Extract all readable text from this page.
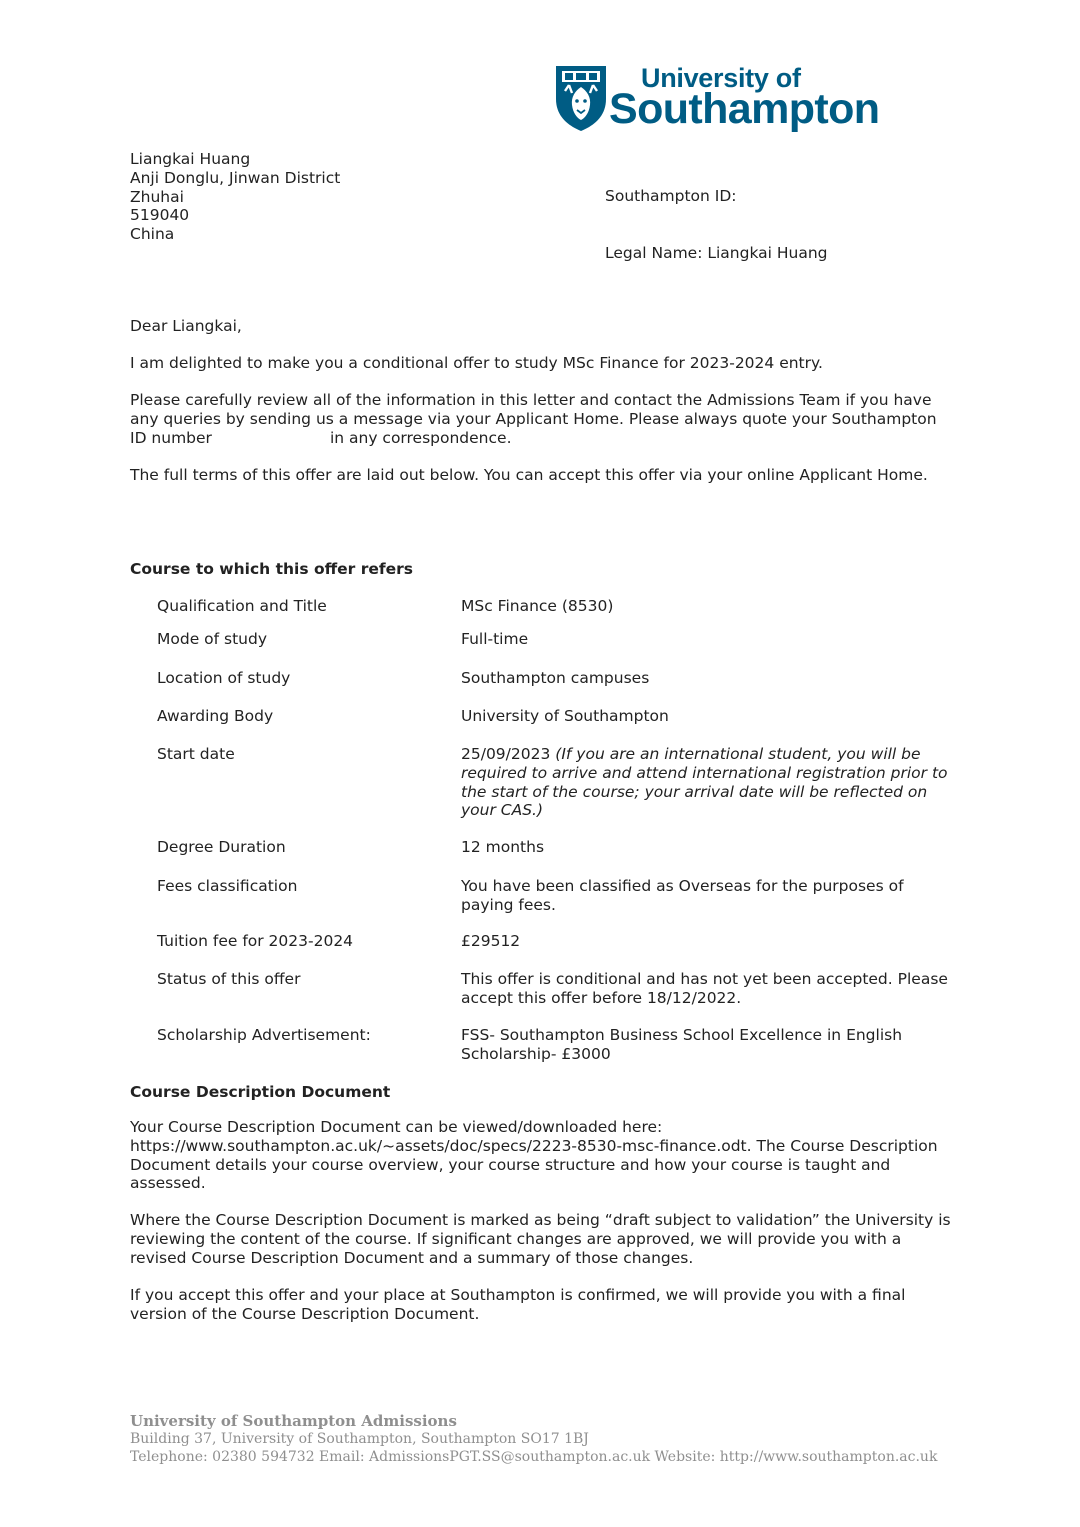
University of
Southampton
Liangkai Huang
Anji Donglu, Jinwan District
Zhuhai
519040
China
Southampton ID:
Legal Name: Liangkai Huang

Dear Liangkai,

I am delighted to make you a conditional offer to study MSc Finance for 2023-2024 entry.

Please carefully review all of the information in this letter and contact the Admissions Team if you have any queries by sending us a message via your Applicant Home. Please always quote your Southampton ID number	in any correspondence.

The full terms of this offer are laid out below. You can accept this offer via your online Applicant Home.

Course to which this offer refers
Qualification and Title	MSc Finance (8530)
Mode of study	Full-time
Location of study	Southampton campuses
Awarding Body	University of Southampton
Start date	25/09/2023 (If you are an international student, you will be required to arrive and attend international registration prior to the start of the course; your arrival date will be reflected on your CAS.)
Degree Duration	12 months
Fees classification	You have been classified as Overseas for the purposes of paying fees.
Tuition fee for 2023-2024	£29512
Status of this offer	This offer is conditional and has not yet been accepted. Please accept this offer before 18/12/2022.
Scholarship Advertisement:	FSS- Southampton Business School Excellence in English Scholarship- £3000
Course Description Document

Your Course Description Document can be viewed/downloaded here: https://www.southampton.ac.uk/~assets/doc/specs/2223-8530-msc-finance.odt. The Course Description Document details your course overview, your course structure and how your course is taught and assessed.

Where the Course Description Document is marked as being “draft subject to validation” the University is reviewing the content of the course. If significant changes are approved, we will provide you with a revised Course Description Document and a summary of those changes.

If you accept this offer and your place at Southampton is confirmed, we will provide you with a final version of the Course Description Document.

University of Southampton Admissions
Building 37, University of Southampton, Southampton SO17 1BJ
Telephone: 02380 594732 Email: AdmissionsPGT.SS@southampton.ac.uk Website: http://www.southampton.ac.uk
